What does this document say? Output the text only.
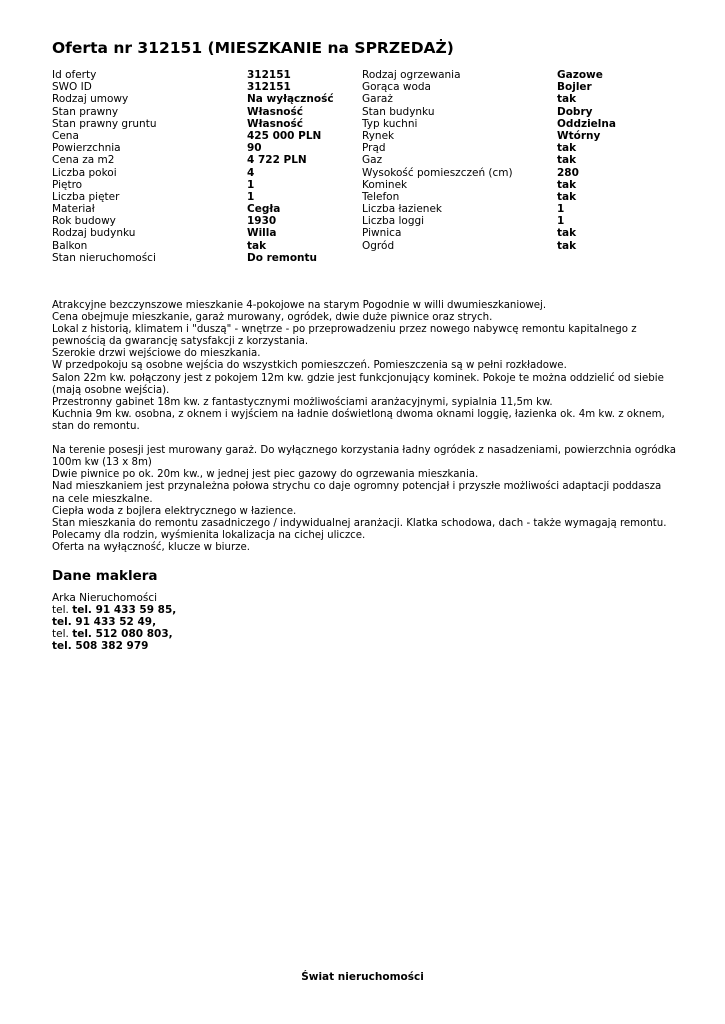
Oferta nr 312151 (MIESZKANIE na SPRZEDAŻ)
Id oferty
SWO ID
Rodzaj umowy
Stan prawny
Stan prawny gruntu
Cena
Powierzchnia
Cena za m2
Liczba pokoi
Piętro
Liczba pięter
Materiał
Rok budowy
Rodzaj budynku
Balkon
Stan nieruchomości
312151
312151
Na wyłączność
Własność
Własność
425 000 PLN
90
4 722 PLN
4
1
1
Cegła
1930
Willa
tak
Do remontu
Rodzaj ogrzewania
Gorąca woda
Garaż
Stan budynku
Typ kuchni
Rynek
Prąd
Gaz
Wysokość pomieszczeń (cm)
Kominek
Telefon
Liczba łazienek
Liczba loggi
Piwnica
Ogród
Gazowe
Bojler
tak
Dobry
Oddzielna
Wtórny
tak
tak
280
tak
tak
1
1
tak
tak

Atrakcyjne bezczynszowe mieszkanie 4-pokojowe na starym Pogodnie w willi dwumieszkaniowej.

Cena obejmuje mieszkanie, garaż murowany, ogródek, dwie duże piwnice oraz strych.

Lokal z historią, klimatem i "duszą" - wnętrze - po przeprowadzeniu przez nowego nabywcę remontu kapitalnego z pewnością da gwarancję satysfakcji z korzystania.

Szerokie drzwi wejściowe do mieszkania.

W przedpokoju są osobne wejścia do wszystkich pomieszczeń. Pomieszczenia są w pełni rozkładowe.

Salon 22m kw. połączony jest z pokojem 12m kw. gdzie jest funkcjonujący kominek. Pokoje te można oddzielić od siebie (mają osobne wejścia).

Przestronny gabinet 18m kw. z fantastycznymi możliwościami aranżacyjnymi, sypialnia 11,5m kw.

Kuchnia 9m kw. osobna, z oknem i wyjściem na ładnie doświetloną dwoma oknami loggię, łazienka ok. 4m kw. z oknem, stan do remontu.

Na terenie posesji jest murowany garaż. Do wyłącznego korzystania ładny ogródek z nasadzeniami, powierzchnia ogródka 100m kw (13 x 8m)

Dwie piwnice po ok. 20m kw., w jednej jest piec gazowy do ogrzewania mieszkania.

Nad mieszkaniem jest przynależna połowa strychu co daje ogromny potencjał i przyszłe możliwości adaptacji poddasza na cele mieszkalne.

Ciepła woda z bojlera elektrycznego w łazience.

Stan mieszkania do remontu zasadniczego / indywidualnej aranżacji. Klatka schodowa, dach - także wymagają remontu.

Polecamy dla rodzin, wyśmienita lokalizacja na cichej uliczce.

Oferta na wyłączność, klucze w biurze.

Dane maklera
Arka Nieruchomości
tel. tel. 91 433 59 85,
tel. 91 433 52 49,
tel. tel. 512 080 803,
tel. 508 382 979
Świat nieruchomości
